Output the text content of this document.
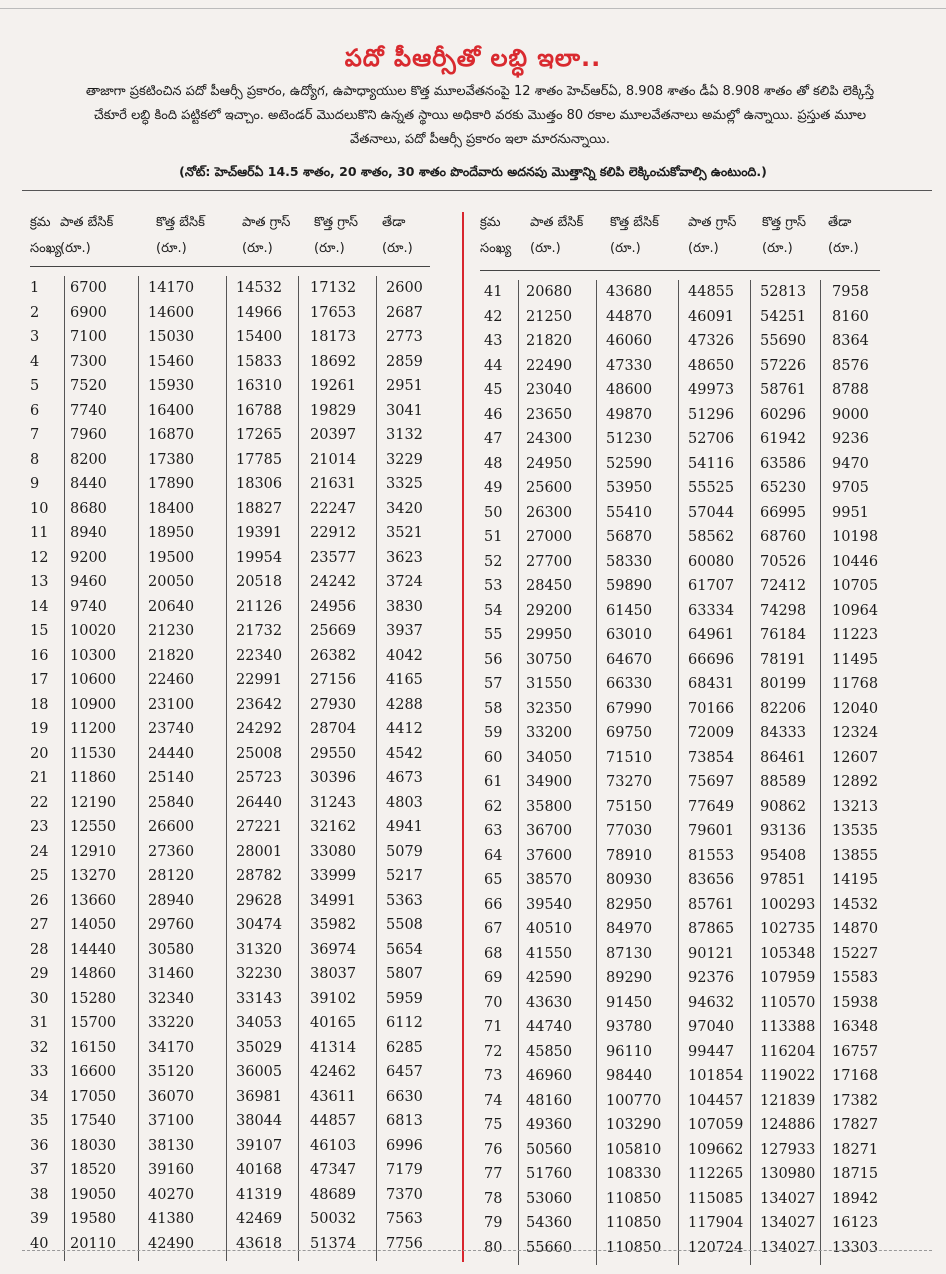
పదో పీఆర్సీతో లబ్ధి ఇలా..
తాజాగా ప్రకటించిన పదో పీఆర్సీ ప్రకారం, ఉద్యోగ, ఉపాధ్యాయుల కొత్త మూలవేతనంపై 12 శాతం హెచ్‌ఆర్‌ఏ, 8.908 శాతం డీఏ 8.908 శాతం తో కలిపి లెక్కిస్తే చేకూరే లబ్ధి కింది పట్టికలో ఇచ్చాం. అటెండర్ మొదలుకొని ఉన్నత స్థాయి అధికారి వరకు మొత్తం 80 రకాల మూలవేతనాలు అమల్లో ఉన్నాయి. ప్రస్తుత మూల వేతనాలు, పదో పీఆర్సీ ప్రకారం ఇలా మారనున్నాయి.
(నోట్: హెచ్‌ఆర్‌ఏ 14.5 శాతం, 20 శాతం, 30 శాతం పొందేవారు అదనపు మొత్తాన్ని కలిపి లెక్కించుకోవాల్సి ఉంటుంది.)
క్రమ
సంఖ్య
పాత బేసిక్
(రూ.)
కొత్త బేసిక్
(రూ.)
పాత గ్రాస్
(రూ.)
కొత్త గ్రాస్
(రూ.)
తేడా
(రూ.)
1 6700	14170	14532 17132 2600
2 6900	14600	14966 17653 2687
3 7100	15030	15400 18173 2773
4 7300	15460	15833 18692 2859
5 7520	15930	16310 19261 2951
6 7740	16400	16788 19829 3041
7 7960	16870	17265 20397 3132
8 8200	17380	17785 21014 3229
9 8440	17890	18306 21631 3325
10 8680	18400	18827 22247 3420
11 8940	18950	19391 22912 3521
12 9200	19500	19954 23577 3623
13 9460	20050	20518 24242 3724
14 9740	20640	21126 24956 3830
15 10020 21230	21732 25669 3937
16 10300 21820	22340 26382 4042
17 10600 22460	22991 27156 4165
18 10900 23100	23642 27930 4288
19 11200 23740	24292 28704 4412
20 11530 24440	25008 29550 4542
21 11860 25140	25723 30396 4673
22 12190 25840	26440 31243 4803
23 12550 26600	27221 32162 4941
24 12910 27360	28001 33080 5079
25 13270 28120	28782 33999 5217
26 13660 28940	29628 34991 5363
27 14050 29760	30474 35982 5508
28 14440 30580	31320 36974 5654
29 14860 31460	32230 38037 5807
30 15280 32340	33143 39102 5959
31 15700 33220	34053 40165 6112
32 16150 34170	35029 41314 6285
33 16600 35120	36005 42462 6457
34 17050 36070	36981 43611 6630
35 17540 37100	38044 44857 6813
36 18030 38130	39107 46103 6996
37 18520 39160	40168 47347 7179
38 19050 40270	41319 48689 7370
39 19580 41380	42469 50032 7563
40 20110 42490	43618 51374 7756
క్రమ
సంఖ్య
పాత బేసిక్
(రూ.)
కొత్త బేసిక్
(రూ.)
పాత గ్రాస్
(రూ.)
కొత్త గ్రాస్
(రూ.)
తేడా
(రూ.)
41 20680 43680 44855 52813 7958
42 21250 44870 46091 54251 8160
43 21820 46060 47326 55690 8364
44 22490 47330 48650 57226 8576
45 23040 48600 49973 58761 8788
46 23650 49870 51296 60296 9000
47 24300 51230 52706 61942 9236
48 24950 52590 54116 63586 9470
49 25600 53950 55525 65230 9705
50 26300 55410 57044 66995 9951
51 27000 56870 58562 68760 10198
52 27700 58330 60080 70526 10446
53 28450 59890 61707 72412 10705
54 29200 61450 63334 74298 10964
55 29950 63010 64961 76184 11223
56 30750 64670 66696 78191 11495
57 31550 66330 68431 80199 11768
58 32350 67990 70166 82206 12040
59 33200 69750 72009 84333 12324
60 34050 71510 73854 86461 12607
61 34900 73270 75697 88589 12892
62 35800 75150 77649 90862 13213
63 36700 77030 79601 93136 13535
64 37600 78910 81553 95408 13855
65 38570 80930 83656 97851 14195
66 39540 82950 85761 100293 14532
67 40510 84970 87865 102735 14870
68 41550 87130 90121 105348 15227
69 42590 89290 92376 107959 15583
70 43630 91450 94632 110570 15938
71 44740 93780 97040 113388 16348
72 45850 96110 99447 116204 16757
73 46960 98440 101854 119022 17168
74 48160 100770 104457 121839 17382
75 49360 103290 107059 124886 17827
76 50560 105810 109662 127933 18271
77 51760 108330 112265 130980 18715
78 53060 110850 115085 134027 18942
79 54360 110850 117904 134027 16123
80 55660 110850 120724 134027 13303
